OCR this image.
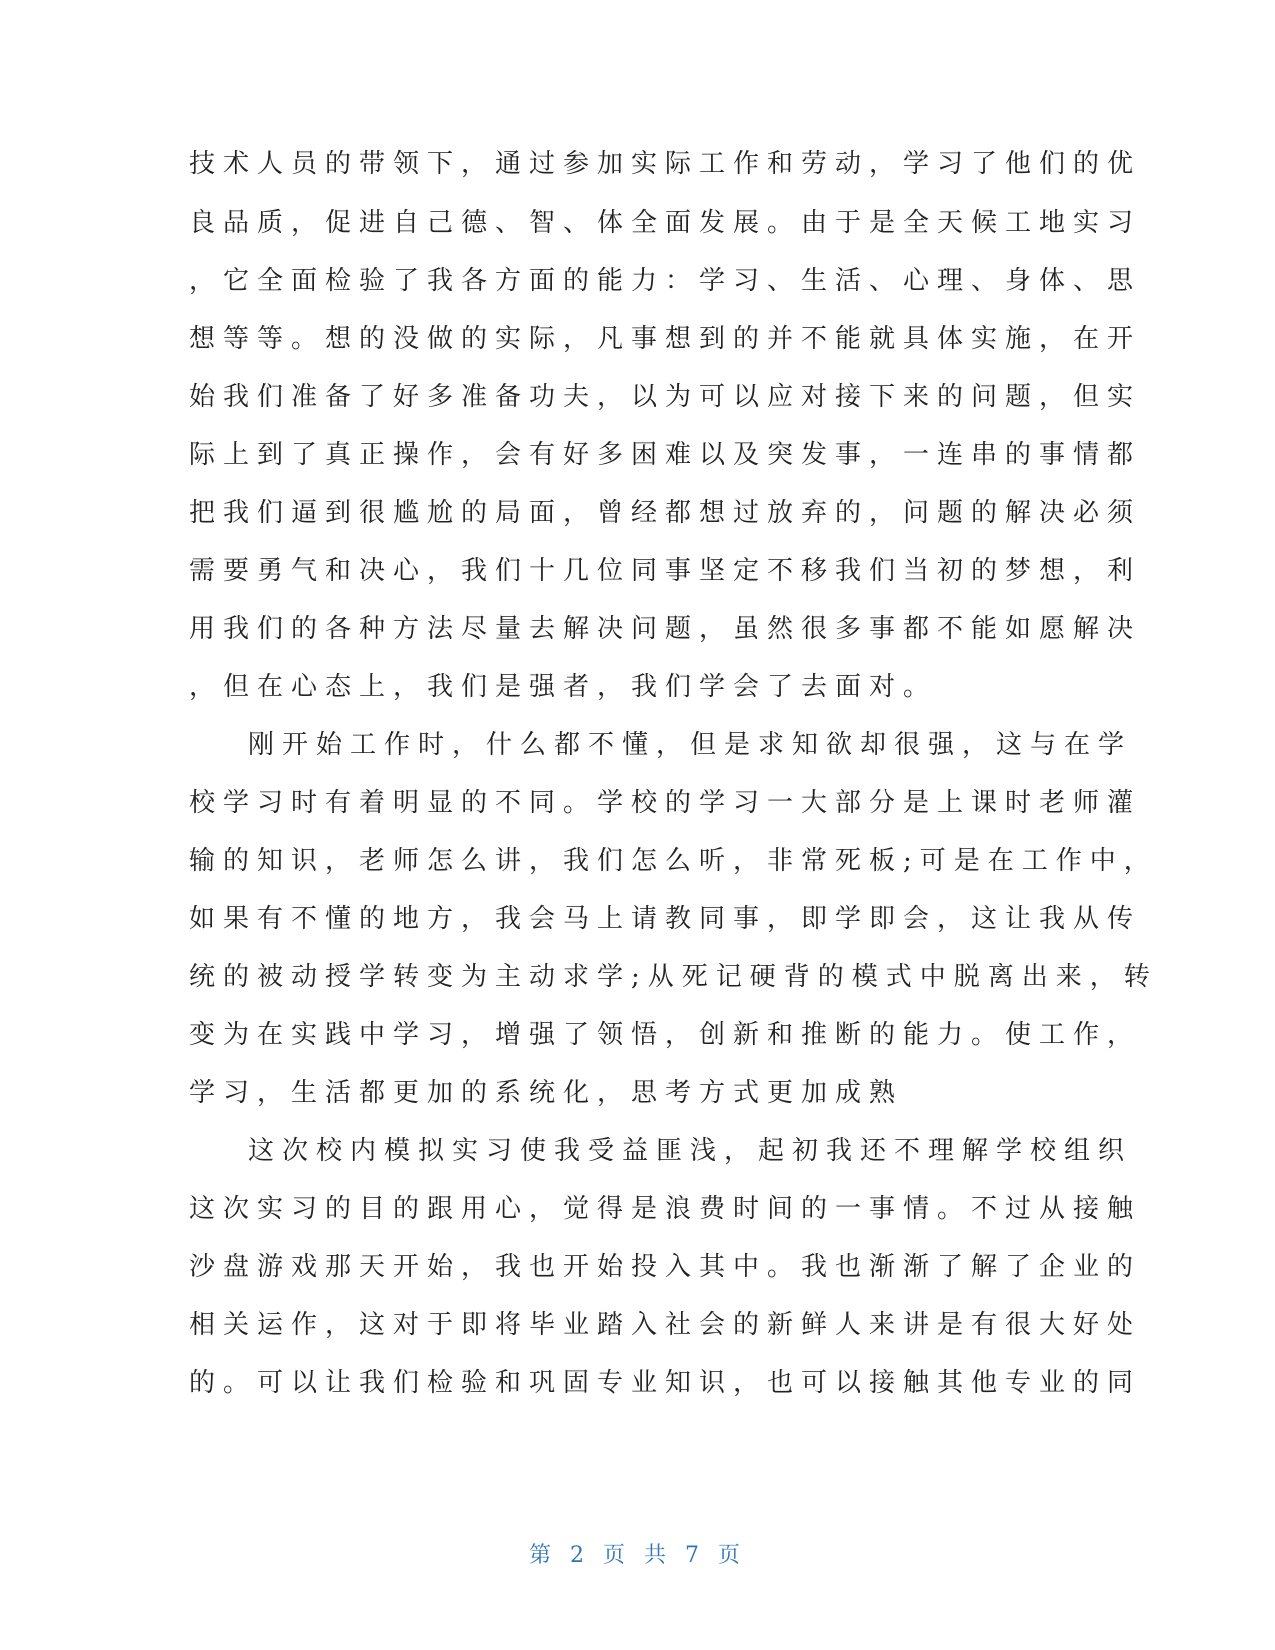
技术人员的带领下，通过参加实际工作和劳动，学习了他们的优
良品质，促进自己德、智、体全面发展。由于是全天候工地实习
，它全面检验了我各方面的能力：学习、生活、心理、身体、思
想等等。想的没做的实际，凡事想到的并不能就具体实施，在开
始我们准备了好多准备功夫，以为可以应对接下来的问题，但实
际上到了真正操作，会有好多困难以及突发事，一连串的事情都
把我们逼到很尴尬的局面，曾经都想过放弃的，问题的解决必须
需要勇气和决心，我们十几位同事坚定不移我们当初的梦想，利
用我们的各种方法尽量去解决问题，虽然很多事都不能如愿解决
，但在心态上，我们是强者，我们学会了去面对。
刚开始工作时，什么都不懂，但是求知欲却很强，这与在学
校学习时有着明显的不同。学校的学习一大部分是上课时老师灌
输的知识，老师怎么讲，我们怎么听，非常死板;可是在工作中，
如果有不懂的地方，我会马上请教同事，即学即会，这让我从传
统的被动授学转变为主动求学;从死记硬背的模式中脱离出来，转
变为在实践中学习，增强了领悟，创新和推断的能力。使工作，
学习，生活都更加的系统化，思考方式更加成熟
这次校内模拟实习使我受益匪浅，起初我还不理解学校组织
这次实习的目的跟用心，觉得是浪费时间的一事情。不过从接触
沙盘游戏那天开始，我也开始投入其中。我也渐渐了解了企业的
相关运作，这对于即将毕业踏入社会的新鲜人来讲是有很大好处
的。可以让我们检验和巩固专业知识，也可以接触其他专业的同
第 2 页 共 7 页
